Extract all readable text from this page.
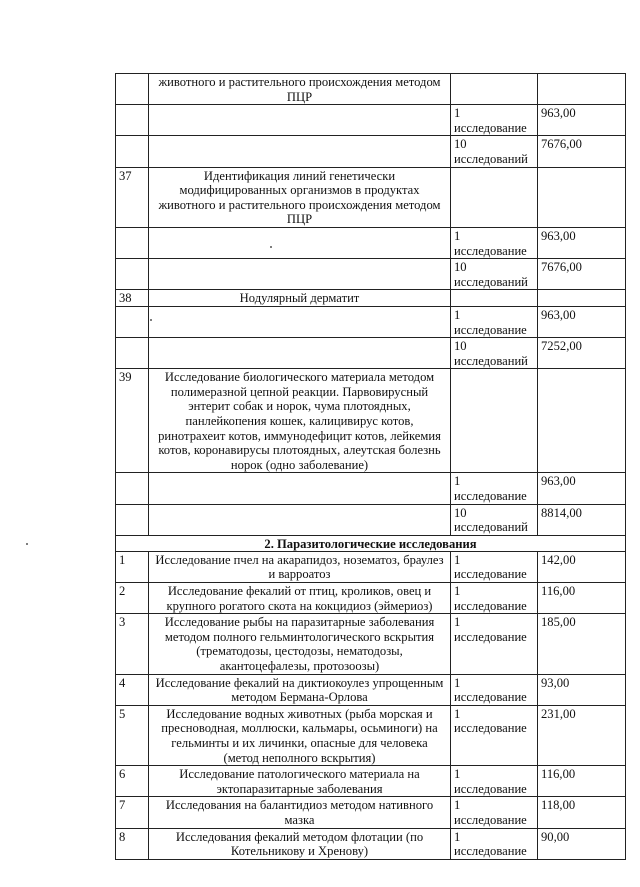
	животного и растительного происхождения методом ПЦР		
		1 исследование	963,00
		10 исследований	7676,00
37	Идентификация линий генетически модифицированных организмов в продуктах животного и растительного происхождения методом ПЦР		
		1 исследование	963,00
		10 исследований	7676,00
38	Нодулярный дерматит		
		1 исследование	963,00
		10 исследований	7252,00
39	Исследование биологического материала методом полимеразной цепной реакции. Парвовирусный энтерит собак и норок, чума плотоядных, панлейкопения кошек, калицивирус котов, ринотрахеит котов, иммунодефицит котов, лейкемия котов, коронавирусы плотоядных, алеутская болезнь норок (одно заболевание)		
		1 исследование	963,00
		10 исследований	8814,00
2. Паразитологические исследования			
1	Исследование пчел на акарапидоз, нозематоз, браулез и варроатоз	1 исследование	142,00
2	Исследование фекалий от птиц, кроликов, овец и крупного рогатого скота на кокцидиоз (эймериоз)	1 исследование	116,00
3	Исследование рыбы на паразитарные заболевания методом полного гельминтологического вскрытия (трематодозы, цестодозы, нематодозы, акантоцефалезы, протозоозы)	1 исследование	185,00
4	Исследование фекалий на диктиокоулез упрощенным методом Бермана-Орлова	1 исследование	93,00
5	Исследование водных животных (рыба морская и пресноводная, моллюски, кальмары, осьминоги) на гельминты и их личинки, опасные для человека (метод неполного вскрытия)	1 исследование	231,00
6	Исследование патологического материала на эктопаразитарные заболевания	1 исследование	116,00
7	Исследования на балантидиоз методом нативного мазка	1 исследование	118,00
8	Исследования фекалий методом флотации (по Котельникову и Хренову)	1 исследование	90,00
